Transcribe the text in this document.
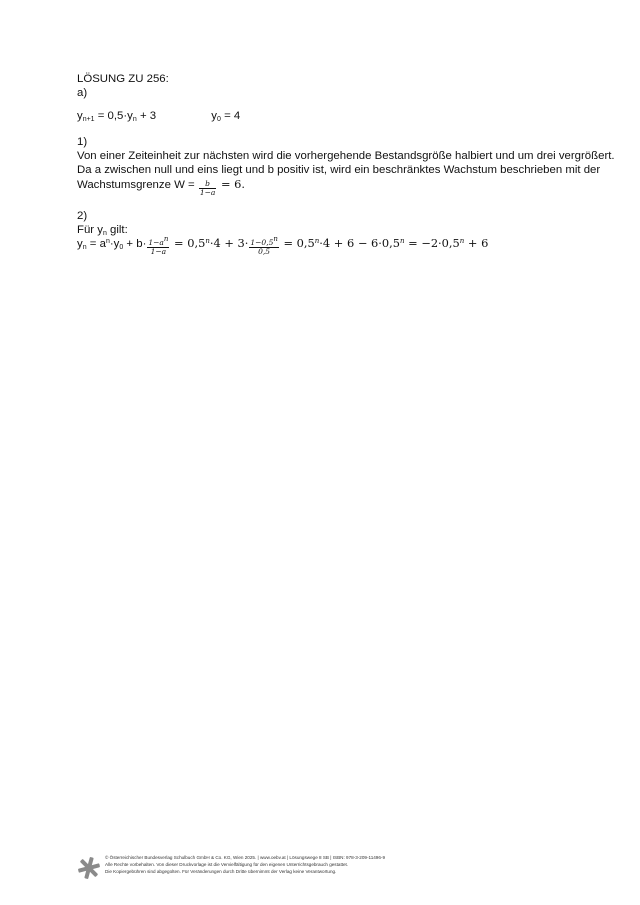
LÖSUNG ZU 256:
a)
$y_{n+1} = 0,5\cdot y_n + 3$	$y_0 = 4$
1)
Von einer Zeiteinheit zur nächsten wird die vorhergehende Bestandsgröße halbiert und um drei vergrößert.
Da a zwischen null und eins liegt und b positiv ist, wird ein beschränktes Wachstum beschrieben mit der
Wachstumsgrenze $W = \frac{b}{1-a} = 6$.
2)
Für $y_n$ gilt:
$y_n = a^n\cdot y_0 + b\cdot \frac{1-a^n}{1-a} = 0,5^n\cdot 4 + 3\cdot \frac{1-0,5^n}{0,5} = 0,5^n\cdot 4 + 6 - 6\cdot 0,5^n = -2\cdot 0,5^n + 6$
© Österreichischer Bundesverlag Schulbuch GmbH & Co. KG, Wien 2025. | www.oebv.at | Lösungswege 8 SB | ISBN: 978-3-209-11496-9
Alle Rechte vorbehalten. Von dieser Druckvorlage ist die Vervielfältigung für den eigenen Unterrichtsgebrauch gestattet.
Die Kopiergebühren sind abgegolten. Für Veränderungen durch Dritte übernimmt der Verlag keine Verantwortung.
